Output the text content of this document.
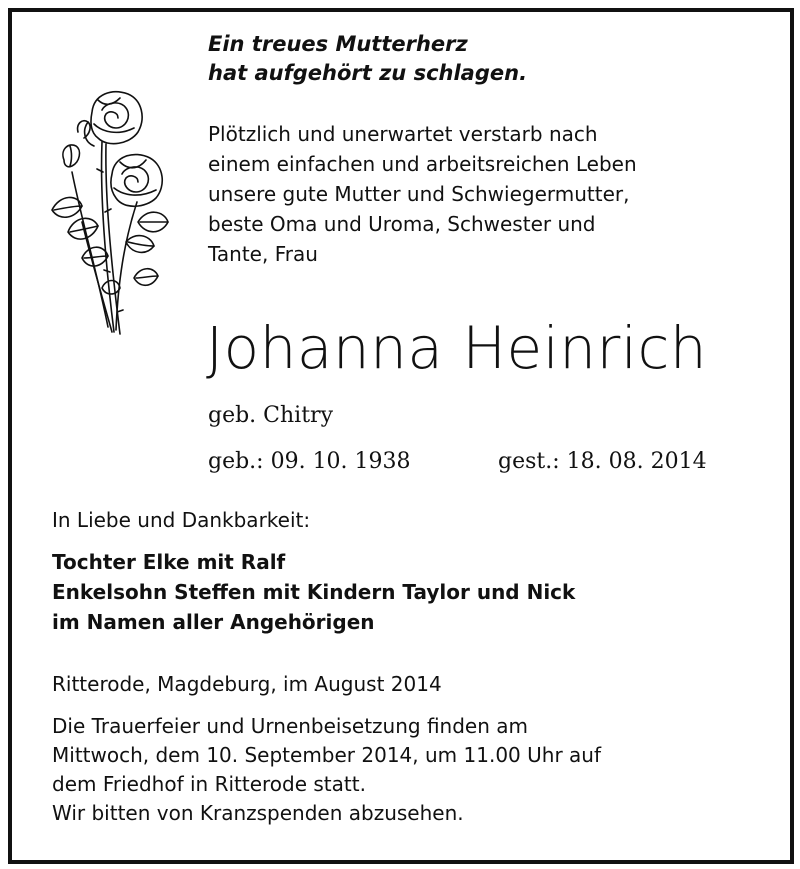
Ein treues Mutterherz
hat aufgehört zu schlagen.
Plötzlich und unerwartet verstarb nach
einem einfachen und arbeitsreichen Leben
unsere gute Mutter und Schwiegermutter,
beste Oma und Uroma, Schwester und
Tante, Frau
Johanna Heinrich
geb. Chitry
geb.: 09. 10. 1938	gest.: 18. 08. 2014
In Liebe und Dankbarkeit:
Tochter Elke mit Ralf
Enkelsohn Steffen mit Kindern Taylor und Nick
im Namen aller Angehörigen
Ritterode, Magdeburg, im August 2014
Die Trauerfeier und Urnenbeisetzung finden am
Mittwoch, dem 10. September 2014, um 11.00 Uhr auf
dem Friedhof in Ritterode statt.
Wir bitten von Kranzspenden abzusehen.
